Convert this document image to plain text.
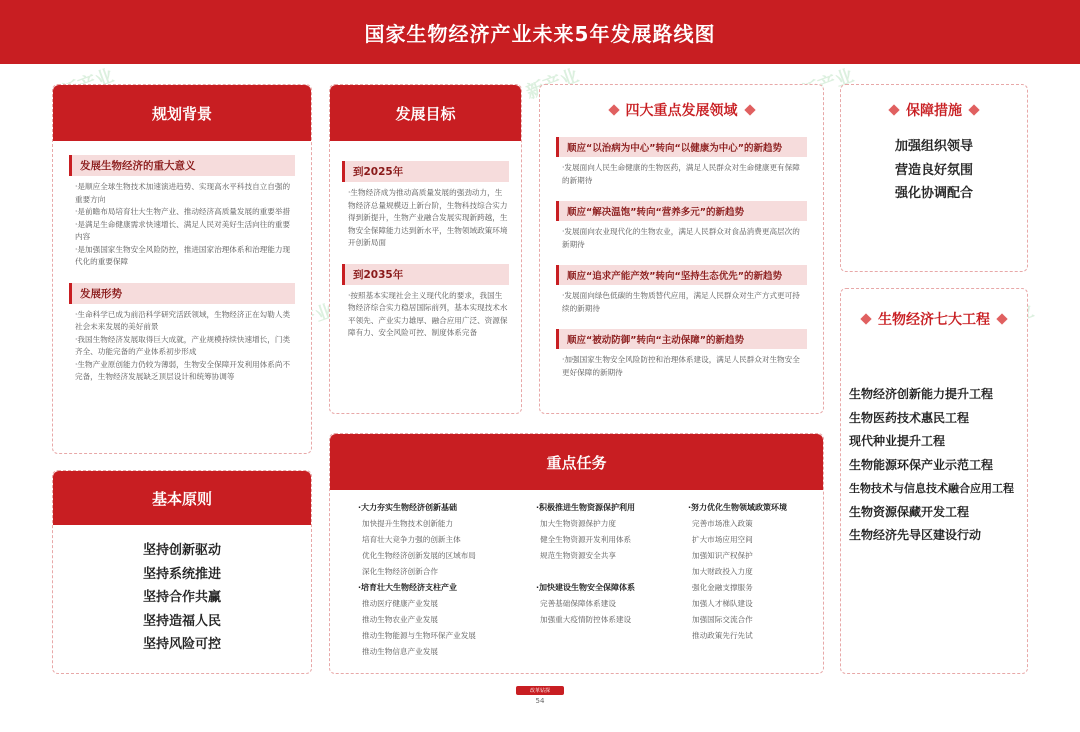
国家生物经济产业未来5年发展路线图
新产业
规划背景
发展生物经济的重大意义
·是顺应全球生物技术加速演进趋势、实现高水平科技自立自强的重要方向
·是前瞻布局培育壮大生物产业、推动经济高质量发展的重要举措
·是满足生命健康需求快速增长、满足人民对美好生活向往的重要内容
·是加强国家生物安全风险防控，推进国家治理体系和治理能力现代化的重要保障
发展形势
·生命科学已成为前沿科学研究活跃领域，生物经济正在勾勒人类社会未来发展的美好前景
·我国生物经济发展取得巨大成就，产业规模持续快速增长，门类齐全、功能完备的产业体系初步形成
·生物产业原创能力仍较为薄弱，生物安全保障开发利用体系尚不完备，生物经济发展缺乏顶层设计和统筹协调等
发展目标
到2025年
·生物经济成为推动高质量发展的强劲动力，生物经济总量规模迈上新台阶，生物科技综合实力得到新提升，生物产业融合发展实现新跨越，生物安全保障能力达到新水平，生物领域政策环境开创新局面
到2035年
·按照基本实现社会主义现代化的要求，我国生物经济综合实力稳居国际前列，基本实现技术水平领先、产业实力雄厚、融合应用广泛、资源保障有力、安全风险可控、制度体系完备
四大重点发展领域
顺应“以治病为中心”转向“以健康为中心”的新趋势
·发展面向人民生命健康的生物医药，满足人民群众对生命健康更有保障的新期待
顺应“解决温饱”转向“营养多元”的新趋势
·发展面向农业现代化的生物农业，满足人民群众对食品消费更高层次的新期待
顺应“追求产能产效”转向“坚持生态优先”的新趋势
·发展面向绿色低碳的生物质替代应用，满足人民群众对生产方式更可持续的新期待
顺应“被动防御”转向“主动保障”的新趋势
·加强国家生物安全风险防控和治理体系建设，满足人民群众对生物安全更好保障的新期待
保障措施
加强组织领导
营造良好氛围
强化协调配合
生物经济七大工程
生物经济创新能力提升工程
生物医药技术惠民工程
现代种业提升工程
生物能源环保产业示范工程
生物技术与信息技术融合应用工程
生物资源保藏开发工程
生物经济先导区建设行动
基本原则
坚持创新驱动
坚持系统推进
坚持合作共赢
坚持造福人民
坚持风险可控
重点任务
·大力夯实生物经济创新基础
加快提升生物技术创新能力
培育壮大竞争力强的创新主体
优化生物经济创新发展的区域布局
深化生物经济创新合作
·培育壮大生物经济支柱产业
推动医疗健康产业发展
推动生物农业产业发展
推动生物能源与生物环保产业发展
推动生物信息产业发展
·积极推进生物资源保护利用
加大生物资源保护力度
健全生物资源开发利用体系
规范生物资源安全共享
·加快建设生物安全保障体系
完善基础保障体系建设
加强重大疫情防控体系建设
·努力优化生物领域政策环境
完善市场准入政策
扩大市场应用空间
加强知识产权保护
加大财政投入力度
强化金融支撑服务
加强人才梯队建设
加强国际交流合作
推动政策先行先试
改革钻探
54
